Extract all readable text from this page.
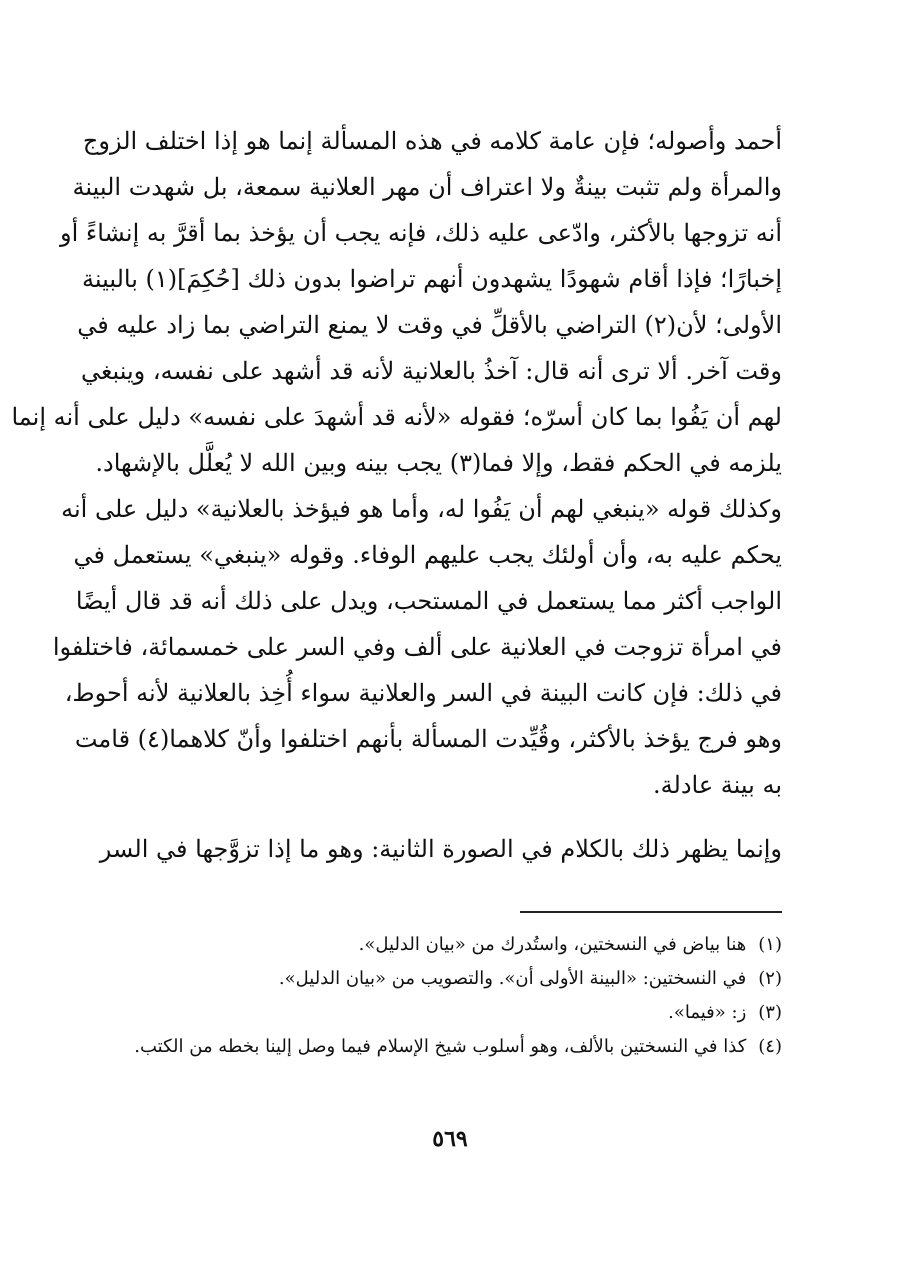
أحمد وأصوله؛ فإن عامة كلامه في هذه المسألة إنما هو إذا اختلف الزوج
والمرأة ولم تثبت بينةٌ ولا اعتراف أن مهر العلانية سمعة، بل شهدت البينة
أنه تزوجها بالأكثر، وادّعى عليه ذلك، فإنه يجب أن يؤخذ بما أقرَّ به إنشاءً أو
إخبارًا؛ فإذا أقام شهودًا يشهدون أنهم تراضوا بدون ذلك [حُكِمَ](١) بالبينة
الأولى؛ لأن(٢) التراضي بالأقلِّ في وقت لا يمنع التراضي بما زاد عليه في
وقت آخر. ألا ترى أنه قال: آخذُ بالعلانية لأنه قد أشهد على نفسه، وينبغي
لهم أن يَفُوا بما كان أسرّه؛ فقوله «لأنه قد أشهدَ على نفسه» دليل على أنه إنما
يلزمه في الحكم فقط، وإلا فما(٣) يجب بينه وبين الله لا يُعلَّل بالإشهاد.
وكذلك قوله «ينبغي لهم أن يَفُوا له، وأما هو فيؤخذ بالعلانية» دليل على أنه
يحكم عليه به، وأن أولئك يجب عليهم الوفاء. وقوله «ينبغي» يستعمل في
الواجب أكثر مما يستعمل في المستحب، ويدل على ذلك أنه قد قال أيضًا
في امرأة تزوجت في العلانية على ألف وفي السر على خمسمائة، فاختلفوا
في ذلك: فإن كانت البينة في السر والعلانية سواء أُخِذ بالعلانية لأنه أحوط،
وهو فرج يؤخذ بالأكثر، وقُيِّدت المسألة بأنهم اختلفوا وأنّ كلاهما(٤) قامت
به بينة عادلة.

وإنما يظهر ذلك بالكلام في الصورة الثانية: وهو ما إذا تزوَّجها في السر

(١)
هنا بياض في النسختين، واستُدرك من «بيان الدليل».
(٢)
في النسختين: «البينة الأولى أن». والتصويب من «بيان الدليل».
(٣)
ز: «فيما».
(٤)
كذا في النسختين بالألف، وهو أسلوب شيخ الإسلام فيما وصل إلينا بخطه من الكتب.
٥٦٩
